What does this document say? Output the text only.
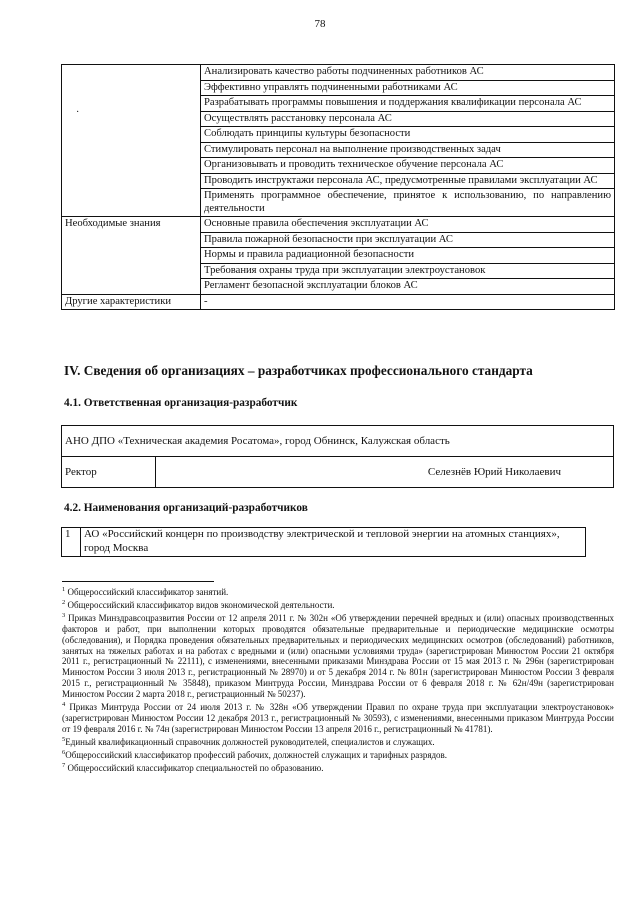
78
·
	Анализировать качество работы подчиненных работников АС
	Эффективно управлять подчиненными работниками АС
	Разрабатывать программы повышения и поддержания квалификации персонала АС
	Осуществлять расстановку персонала АС
	Соблюдать принципы культуры безопасности
	Стимулировать персонал на выполнение производственных задач
	Организовывать и проводить техническое обучение персонала АС
	Проводить инструктажи персонала АС, предусмотренные правилами эксплуатации АС
	Применять программное обеспечение, принятое к использованию, по направлению деятельности
Необходимые знания	Основные правила обеспечения эксплуатации АС
	Правила пожарной безопасности при эксплуатации АС
	Нормы и правила радиационной безопасности
	Требования охраны труда при эксплуатации электроустановок
	Регламент безопасной эксплуатации блоков АС
Другие характеристики	-
IV. Сведения об организациях – разработчиках профессионального стандарта
4.1. Ответственная организация-разработчик
АНО ДПО «Техническая академия Росатома», город Обнинск, Калужская область
Ректор	Селезнёв Юрий Николаевич
4.2. Наименования организаций-разработчиков
1	АО «Российский концерн по производству электрической и тепловой энергии на атомных станциях», город Москва

$^1$ Общероссийский классификатор занятий.

$^2$ Общероссийский классификатор видов экономической деятельности.

$^3$ Приказ Минздравсоцразвития России от 12 апреля 2011 г. № 302н «Об утверждении перечней вредных и (или) опасных производственных факторов и работ, при выполнении которых проводятся обязательные предварительные и периодические медицинские осмотры (обследования), и Порядка проведения обязательных предварительных и периодических медицинских осмотров (обследований) работников, занятых на тяжелых работах и на работах с вредными и (или) опасными условиями труда» (зарегистрирован Минюстом России 21 октября 2011 г., регистрационный № 22111), с изменениями, внесенными приказами Минздрава России от 15 мая 2013 г. № 296н (зарегистрирован Минюстом России 3 июля 2013 г., регистрационный № 28970) и от 5 декабря 2014 г. № 801н (зарегистрирован Минюстом России 3 февраля 2015 г., регистрационный № 35848), приказом Минтруда России, Минздрава России от 6 февраля 2018 г. № 62н/49н (зарегистрирован Минюстом России 2 марта 2018 г., регистрационный № 50237).

$^4$ Приказ Минтруда России от 24 июля 2013 г. № 328н «Об утверждении Правил по охране труда при эксплуатации электроустановок» (зарегистрирован Минюстом России 12 декабря 2013 г., регистрационный № 30593), с изменениями, внесенными приказом Минтруда России от 19 февраля 2016 г. № 74н (зарегистрирован Минюстом России 13 апреля 2016 г., регистрационный № 41781).

$^5$Единый квалификационный справочник должностей руководителей, специалистов и служащих.

$^6$Общероссийский классификатор профессий рабочих, должностей служащих и тарифных разрядов.

$^7$ Общероссийский классификатор специальностей по образованию.
